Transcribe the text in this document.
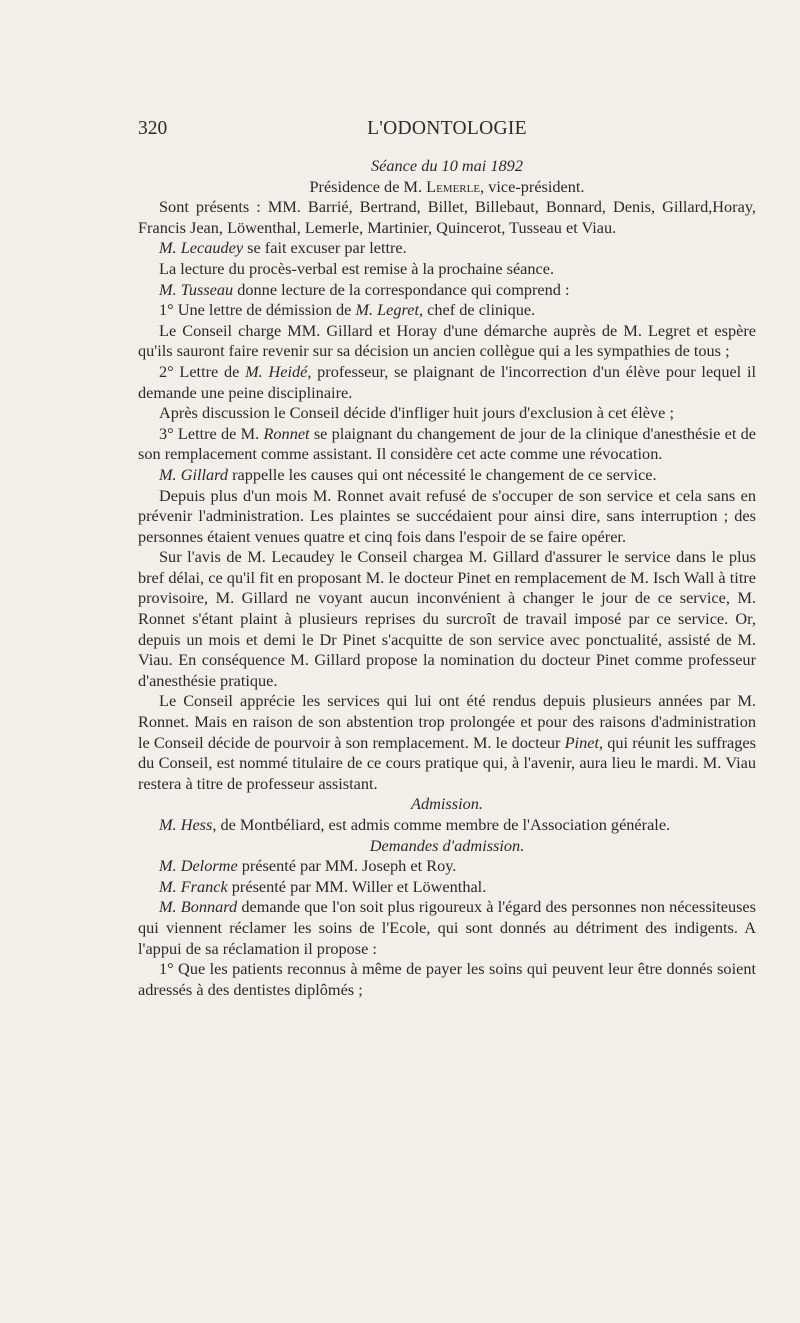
320	L'ODONTOLOGIE

Séance du 10 mai 1892

Présidence de M. Lemerle, vice-président.

Sont présents : MM. Barrié, Bertrand, Billet, Billebaut, Bonnard, Denis, Gillard,Horay, Francis Jean, Löwenthal, Lemerle, Martinier, Quincerot, Tusseau et Viau.

M. Lecaudey se fait excuser par lettre.

La lecture du procès-verbal est remise à la prochaine séance.

M. Tusseau donne lecture de la correspondance qui comprend :

1° Une lettre de démission de M. Legret, chef de clinique.

Le Conseil charge MM. Gillard et Horay d'une démarche auprès de M. Legret et espère qu'ils sauront faire revenir sur sa décision un ancien collègue qui a les sympathies de tous ;

2° Lettre de M. Heidé, professeur, se plaignant de l'incorrection d'un élève pour lequel il demande une peine disciplinaire.

Après discussion le Conseil décide d'infliger huit jours d'exclusion à cet élève ;

3° Lettre de M. Ronnet se plaignant du changement de jour de la clinique d'anesthésie et de son remplacement comme assistant. Il considère cet acte comme une révocation.

M. Gillard rappelle les causes qui ont nécessité le changement de ce service.

Depuis plus d'un mois M. Ronnet avait refusé de s'occuper de son service et cela sans en prévenir l'administration. Les plaintes se succédaient pour ainsi dire, sans interruption ; des personnes étaient venues quatre et cinq fois dans l'espoir de se faire opérer.

Sur l'avis de M. Lecaudey le Conseil chargea M. Gillard d'assurer le service dans le plus bref délai, ce qu'il fit en proposant M. le docteur Pinet en remplacement de M. Isch Wall à titre provisoire, M. Gillard ne voyant aucun inconvénient à changer le jour de ce service, M. Ronnet s'étant plaint à plusieurs reprises du surcroît de travail imposé par ce service. Or, depuis un mois et demi le Dr Pinet s'acquitte de son service avec ponctualité, assisté de M. Viau. En conséquence M. Gillard propose la nomination du docteur Pinet comme professeur d'anesthésie pratique.

Le Conseil apprécie les services qui lui ont été rendus depuis plusieurs années par M. Ronnet. Mais en raison de son abstention trop prolongée et pour des raisons d'administration le Conseil décide de pourvoir à son remplacement. M. le docteur Pinet, qui réunit les suffrages du Conseil, est nommé titulaire de ce cours pratique qui, à l'avenir, aura lieu le mardi. M. Viau restera à titre de professeur assistant.

Admission.

M. Hess, de Montbéliard, est admis comme membre de l'Association générale.

Demandes d'admission.

M. Delorme présenté par MM. Joseph et Roy.

M. Franck présenté par MM. Willer et Löwenthal.

M. Bonnard demande que l'on soit plus rigoureux à l'égard des personnes non nécessiteuses qui viennent réclamer les soins de l'Ecole, qui sont donnés au détriment des indigents. A l'appui de sa réclamation il propose :

1° Que les patients reconnus à même de payer les soins qui peuvent leur être donnés soient adressés à des dentistes diplômés ;
